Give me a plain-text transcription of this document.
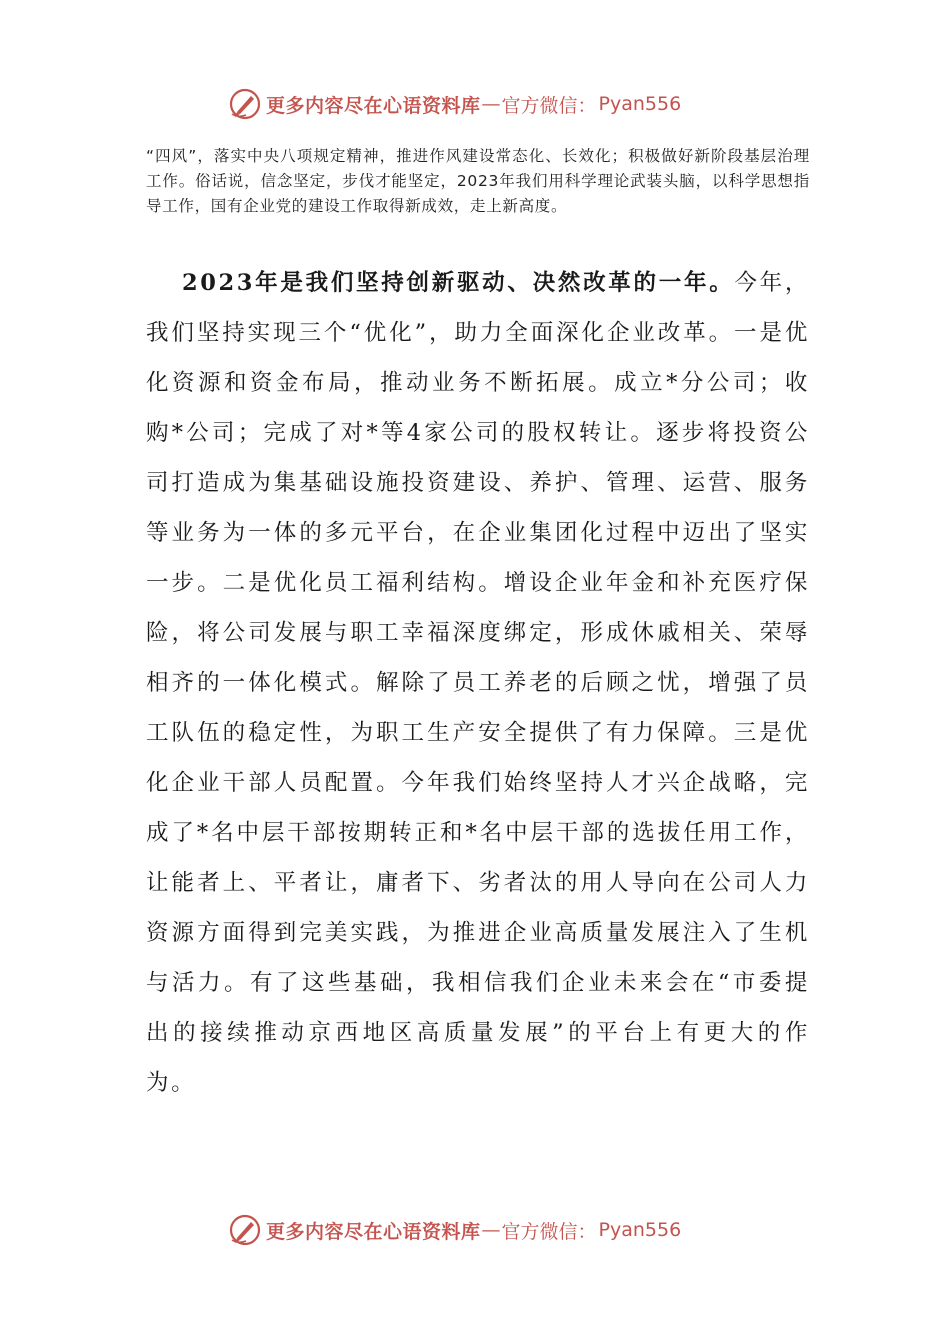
更多内容尽在心语资料库 — 官方微信： Pyan556

“四风”，落实中央八项规定精神，推进作风建设常态化、长效化；积极做好新阶段基层治理工作。俗话说，信念坚定，步伐才能坚定，2023年我们用科学理论武装头脑，以科学思想指导工作，国有企业党的建设工作取得新成效，走上新高度。

2023年是我们坚持创新驱动、决然改革的一年。今年，我们坚持实现三个“优化”，助力全面深化企业改革。一是优化资源和资金布局，推动业务不断拓展。成立*分公司；收购*公司；完成了对*等4家公司的股权转让。逐步将投资公司打造成为集基础设施投资建设、养护、管理、运营、服务等业务为一体的多元平台，在企业集团化过程中迈出了坚实一步。二是优化员工福利结构。增设企业年金和补充医疗保险，将公司发展与职工幸福深度绑定，形成休戚相关、荣辱相齐的一体化模式。解除了员工养老的后顾之忧，增强了员工队伍的稳定性，为职工生产安全提供了有力保障。三是优化企业干部人员配置。今年我们始终坚持人才兴企战略，完成了*名中层干部按期转正和*名中层干部的选拔任用工作，让能者上、平者让，庸者下、劣者汰的用人导向在公司人力资源方面得到完美实践，为推进企业高质量发展注入了生机与活力。有了这些基础，我相信我们企业未来会在“市委提出的接续推动京西地区高质量发展”的平台上有更大的作为。

更多内容尽在心语资料库 — 官方微信： Pyan556
